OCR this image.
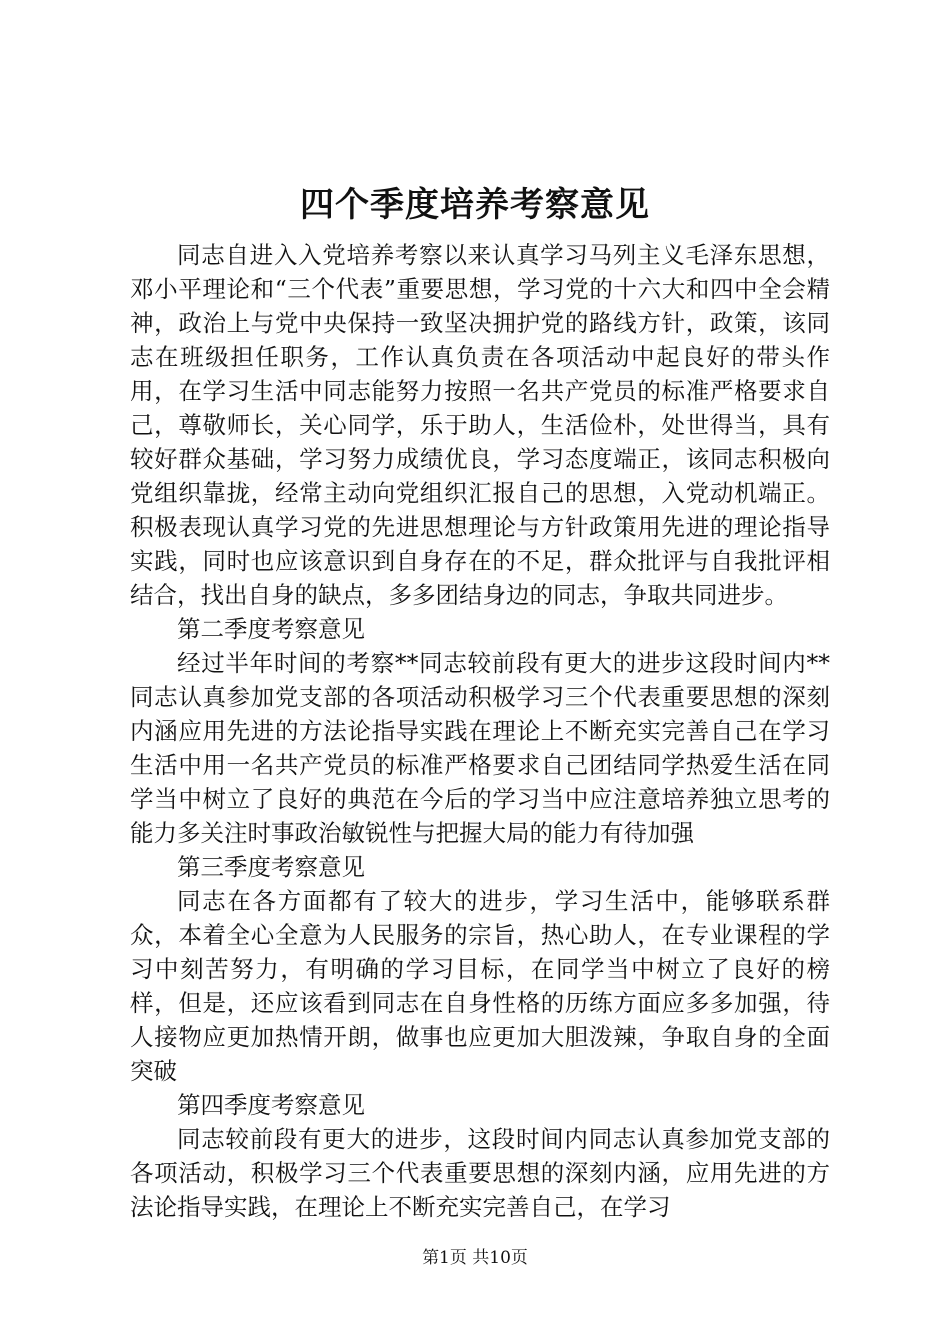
四个季度培养考察意见

同志自进入入党培养考察以来认真学习马列主义毛泽东思想，邓小平理论和“三个代表”重要思想，学习党的十六大和四中全会精神，政治上与党中央保持一致坚决拥护党的路线方针，政策，该同志在班级担任职务，工作认真负责在各项活动中起良好的带头作用，在学习生活中同志能努力按照一名共产党员的标准严格要求自己，尊敬师长，关心同学，乐于助人，生活俭朴，处世得当，具有较好群众基础，学习努力成绩优良，学习态度端正，该同志积极向党组织靠拢，经常主动向党组织汇报自己的思想，入党动机端正。积极表现认真学习党的先进思想理论与方针政策用先进的理论指导实践，同时也应该意识到自身存在的不足，群众批评与自我批评相结合，找出自身的缺点，多多团结身边的同志，争取共同进步。

第二季度考察意见

经过半年时间的考察**同志较前段有更大的进步这段时间内**同志认真参加党支部的各项活动积极学习三个代表重要思想的深刻内涵应用先进的方法论指导实践在理论上不断充实完善自己在学习生活中用一名共产党员的标准严格要求自己团结同学热爱生活在同学当中树立了良好的典范在今后的学习当中应注意培养独立思考的能力多关注时事政治敏锐性与把握大局的能力有待加强

第三季度考察意见

同志在各方面都有了较大的进步，学习生活中，能够联系群众，本着全心全意为人民服务的宗旨，热心助人，在专业课程的学习中刻苦努力，有明确的学习目标，在同学当中树立了良好的榜样，但是，还应该看到同志在自身性格的历练方面应多多加强，待人接物应更加热情开朗，做事也应更加大胆泼辣，争取自身的全面突破

第四季度考察意见

同志较前段有更大的进步，这段时间内同志认真参加党支部的各项活动，积极学习三个代表重要思想的深刻内涵，应用先进的方法论指导实践，在理论上不断充实完善自己，在学习

第1页 共10页
